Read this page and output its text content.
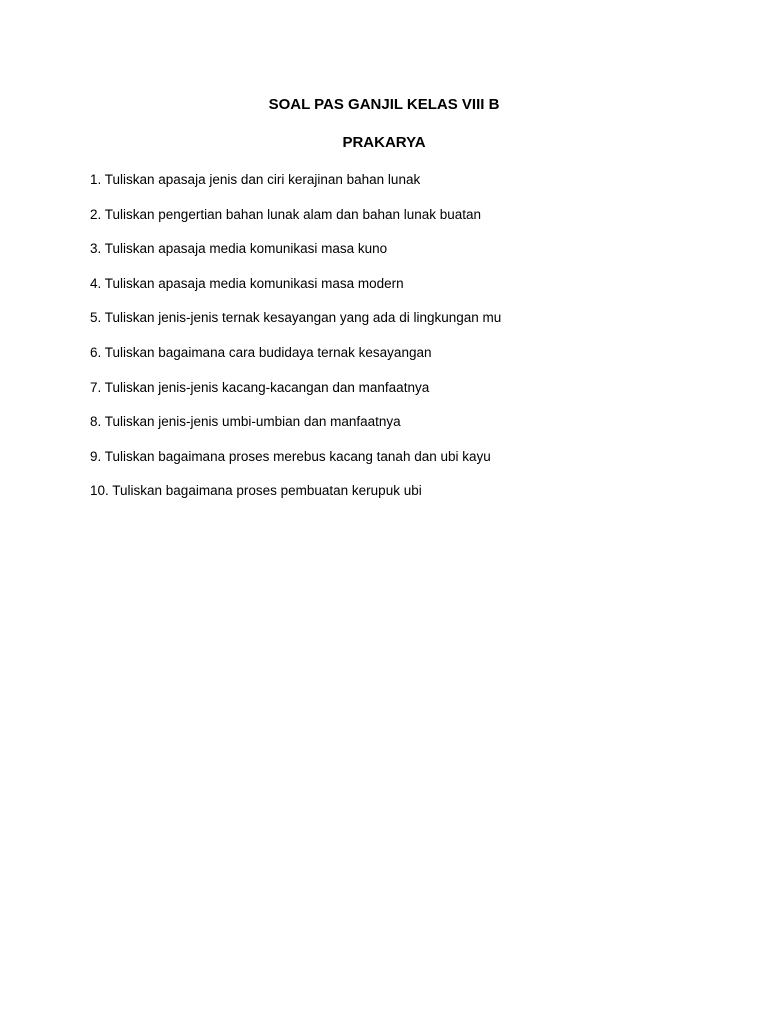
SOAL PAS GANJIL KELAS VIII B
PRAKARYA
1. Tuliskan apasaja jenis dan ciri kerajinan bahan lunak
2. Tuliskan pengertian bahan lunak alam dan bahan lunak buatan
3. Tuliskan apasaja media komunikasi masa kuno
4. Tuliskan apasaja media komunikasi masa modern
5. Tuliskan jenis-jenis ternak kesayangan yang ada di lingkungan mu
6. Tuliskan bagaimana cara budidaya ternak kesayangan
7. Tuliskan jenis-jenis kacang-kacangan dan manfaatnya
8. Tuliskan jenis-jenis umbi-umbian dan manfaatnya
9. Tuliskan bagaimana proses merebus kacang tanah dan ubi kayu
10. Tuliskan bagaimana proses pembuatan kerupuk ubi
